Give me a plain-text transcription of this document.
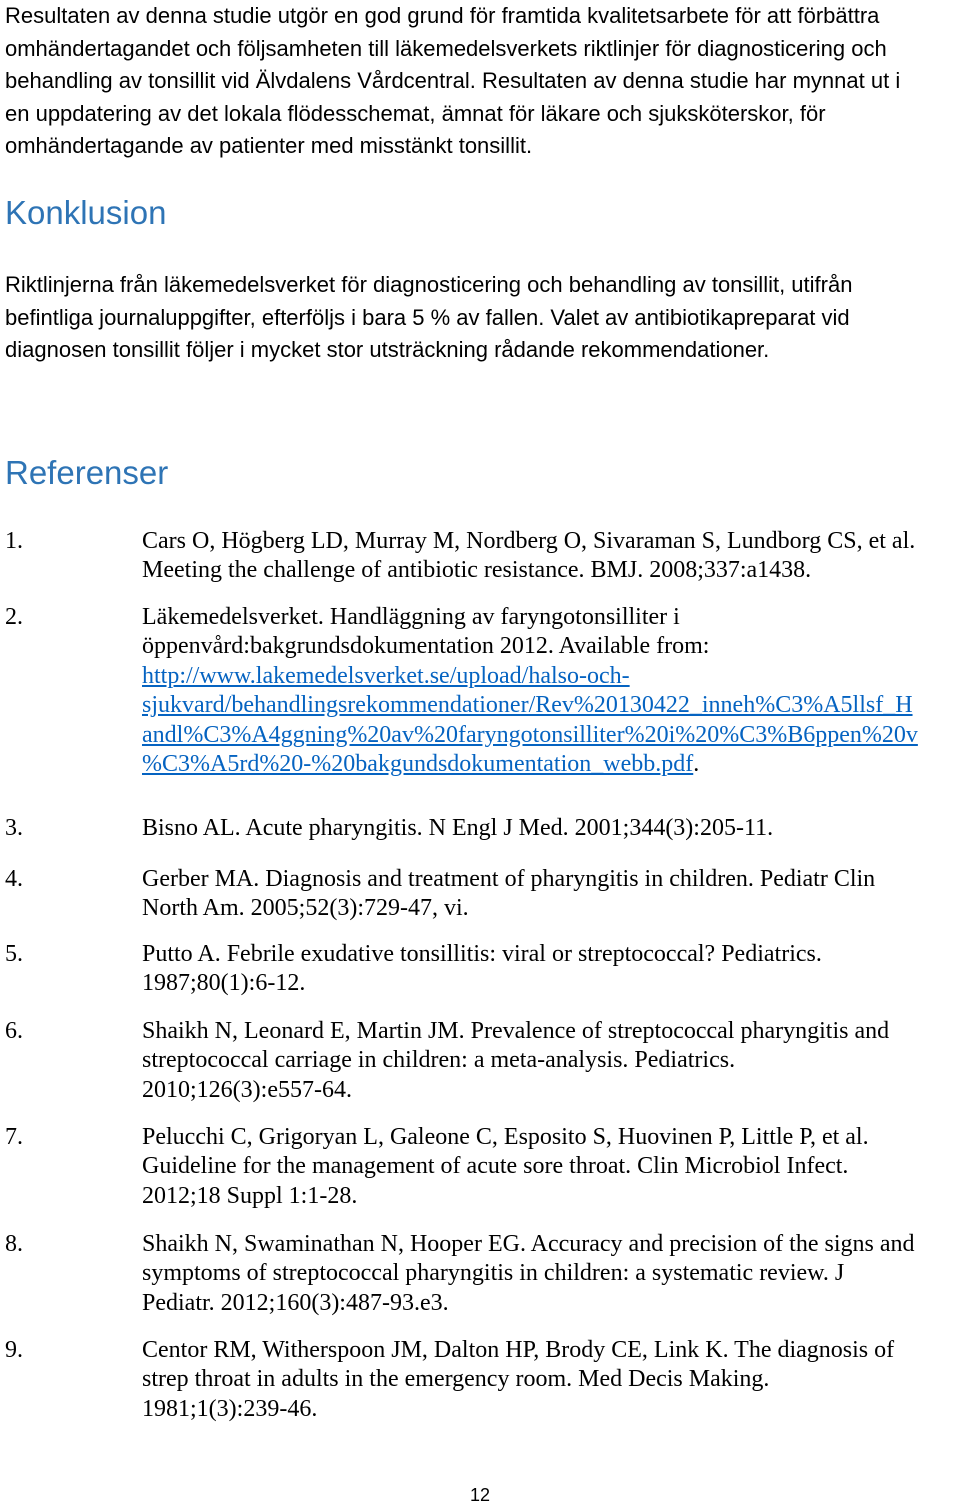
Resultaten av denna studie utgör en god grund för framtida kvalitetsarbete för att förbättra
omhändertagandet och följsamheten till läkemedelsverkets riktlinjer för diagnosticering och
behandling av tonsillit vid Älvdalens Vårdcentral. Resultaten av denna studie har mynnat ut i
en uppdatering av det lokala flödesschemat, ämnat för läkare och sjuksköterskor, för
omhändertagande av patienter med misstänkt tonsillit.
Konklusion
Riktlinjerna från läkemedelsverket för diagnosticering och behandling av tonsillit, utifrån
befintliga journaluppgifter, efterföljs i bara 5 % av fallen. Valet av antibiotikapreparat vid
diagnosen tonsillit följer i mycket stor utsträckning rådande rekommendationer.
Referenser
1.	Cars O, Högberg LD, Murray M, Nordberg O, Sivaraman S, Lundborg CS, et al.
Meeting the challenge of antibiotic resistance. BMJ. 2008;337:a1438.
2.	Läkemedelsverket. Handläggning av faryngotonsilliter i
öppenvård:bakgrundsdokumentation 2012. Available from:
http://www.lakemedelsverket.se/upload/halso-och-
sjukvard/behandlingsrekommendationer/Rev%20130422_inneh%C3%A5llsf_H
andl%C3%A4ggning%20av%20faryngotonsilliter%20i%20%C3%B6ppen%20v
%C3%A5rd%20-%20bakgundsdokumentation_webb.pdf.
3.	Bisno AL. Acute pharyngitis. N Engl J Med. 2001;344(3):205-11.
4.	Gerber MA. Diagnosis and treatment of pharyngitis in children. Pediatr Clin
North Am. 2005;52(3):729-47, vi.
5.	Putto A. Febrile exudative tonsillitis: viral or streptococcal? Pediatrics.
1987;80(1):6-12.
6.	Shaikh N, Leonard E, Martin JM. Prevalence of streptococcal pharyngitis and
streptococcal carriage in children: a meta-analysis. Pediatrics.
2010;126(3):e557-64.
7.	Pelucchi C, Grigoryan L, Galeone C, Esposito S, Huovinen P, Little P, et al.
Guideline for the management of acute sore throat. Clin Microbiol Infect.
2012;18 Suppl 1:1-28.
8.	Shaikh N, Swaminathan N, Hooper EG. Accuracy and precision of the signs and
symptoms of streptococcal pharyngitis in children: a systematic review. J
Pediatr. 2012;160(3):487-93.e3.
9.	Centor RM, Witherspoon JM, Dalton HP, Brody CE, Link K. The diagnosis of
strep throat in adults in the emergency room. Med Decis Making.
1981;1(3):239-46.
12
